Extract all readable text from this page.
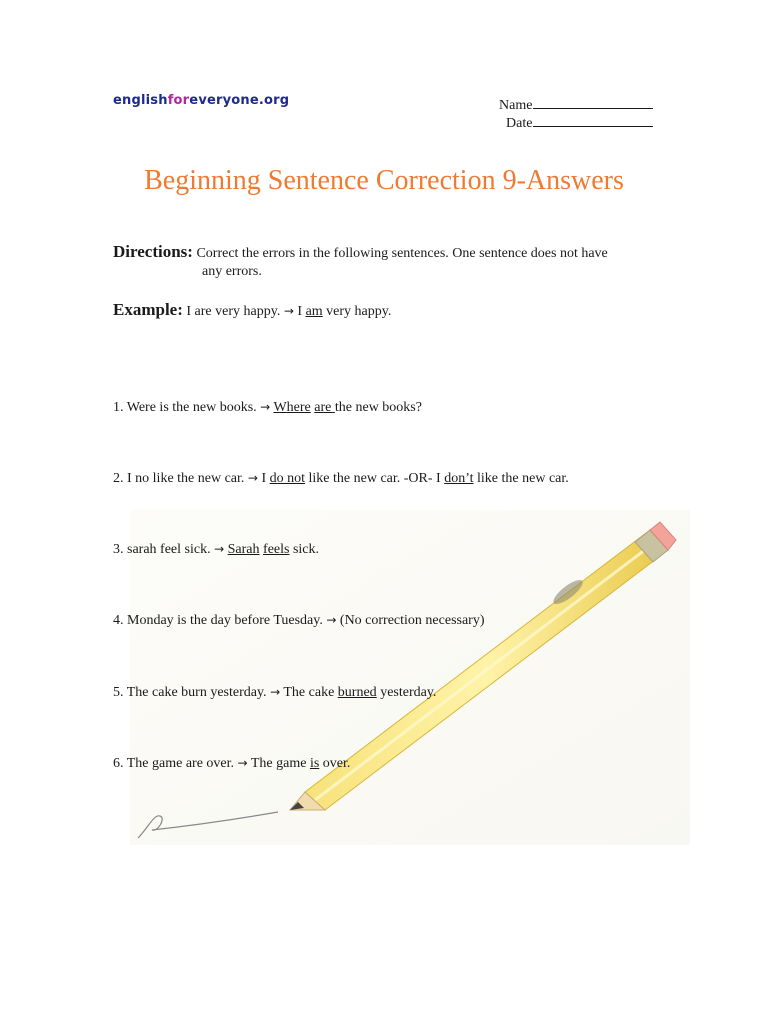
englishforeveryone.org	Name
Date
Beginning Sentence Correction 9-Answers
Directions: Correct the errors in the following sentences. One sentence does not have
any errors.
Example: I are very happy. → I am very happy.
1. Were is the new books. → Where are the new books?
2. I no like the new car. → I do not like the new car. -OR- I don’t like the new car.
3. sarah feel sick. → Sarah feels sick.
4. Monday is the day before Tuesday. → (No correction necessary)
5. The cake burn yesterday. → The cake burned yesterday.
6. The game are over. → The game is over.
